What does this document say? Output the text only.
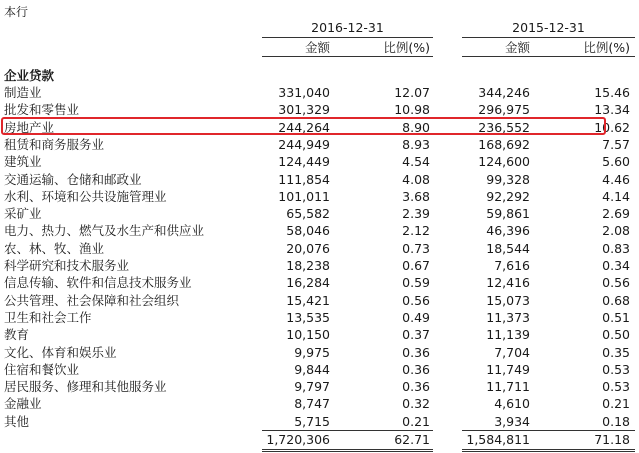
本行
2016-12-31	2015-12-31
金额	比例(%)	金额	比例(%)
企业贷款
制造业	331,040	12.07	344,246	15.46
批发和零售业	301,329	10.98	296,975	13.34
房地产业	244,264	8.90	236,552	10.62
租赁和商务服务业	244,949	8.93	168,692	7.57
建筑业	124,449	4.54	124,600	5.60
交通运输、仓储和邮政业	111,854	4.08	99,328	4.46
水利、环境和公共设施管理业	101,011	3.68	92,292	4.14
采矿业	65,582	2.39	59,861	2.69
电力、热力、燃气及水生产和供应业	58,046	2.12	46,396	2.08
农、林、牧、渔业	20,076	0.73	18,544	0.83
科学研究和技术服务业	18,238	0.67	7,616	0.34
信息传输、软件和信息技术服务业	16,284	0.59	12,416	0.56
公共管理、社会保障和社会组织	15,421	0.56	15,073	0.68
卫生和社会工作	13,535	0.49	11,373	0.51
教育	10,150	0.37	11,139	0.50
文化、体育和娱乐业	9,975	0.36	7,704	0.35
住宿和餐饮业	9,844	0.36	11,749	0.53
居民服务、修理和其他服务业	9,797	0.36	11,711	0.53
金融业	8,747	0.32	4,610	0.21
其他	5,715	0.21	3,934	0.18
1,720,306	62.71	1,584,811	71.18
